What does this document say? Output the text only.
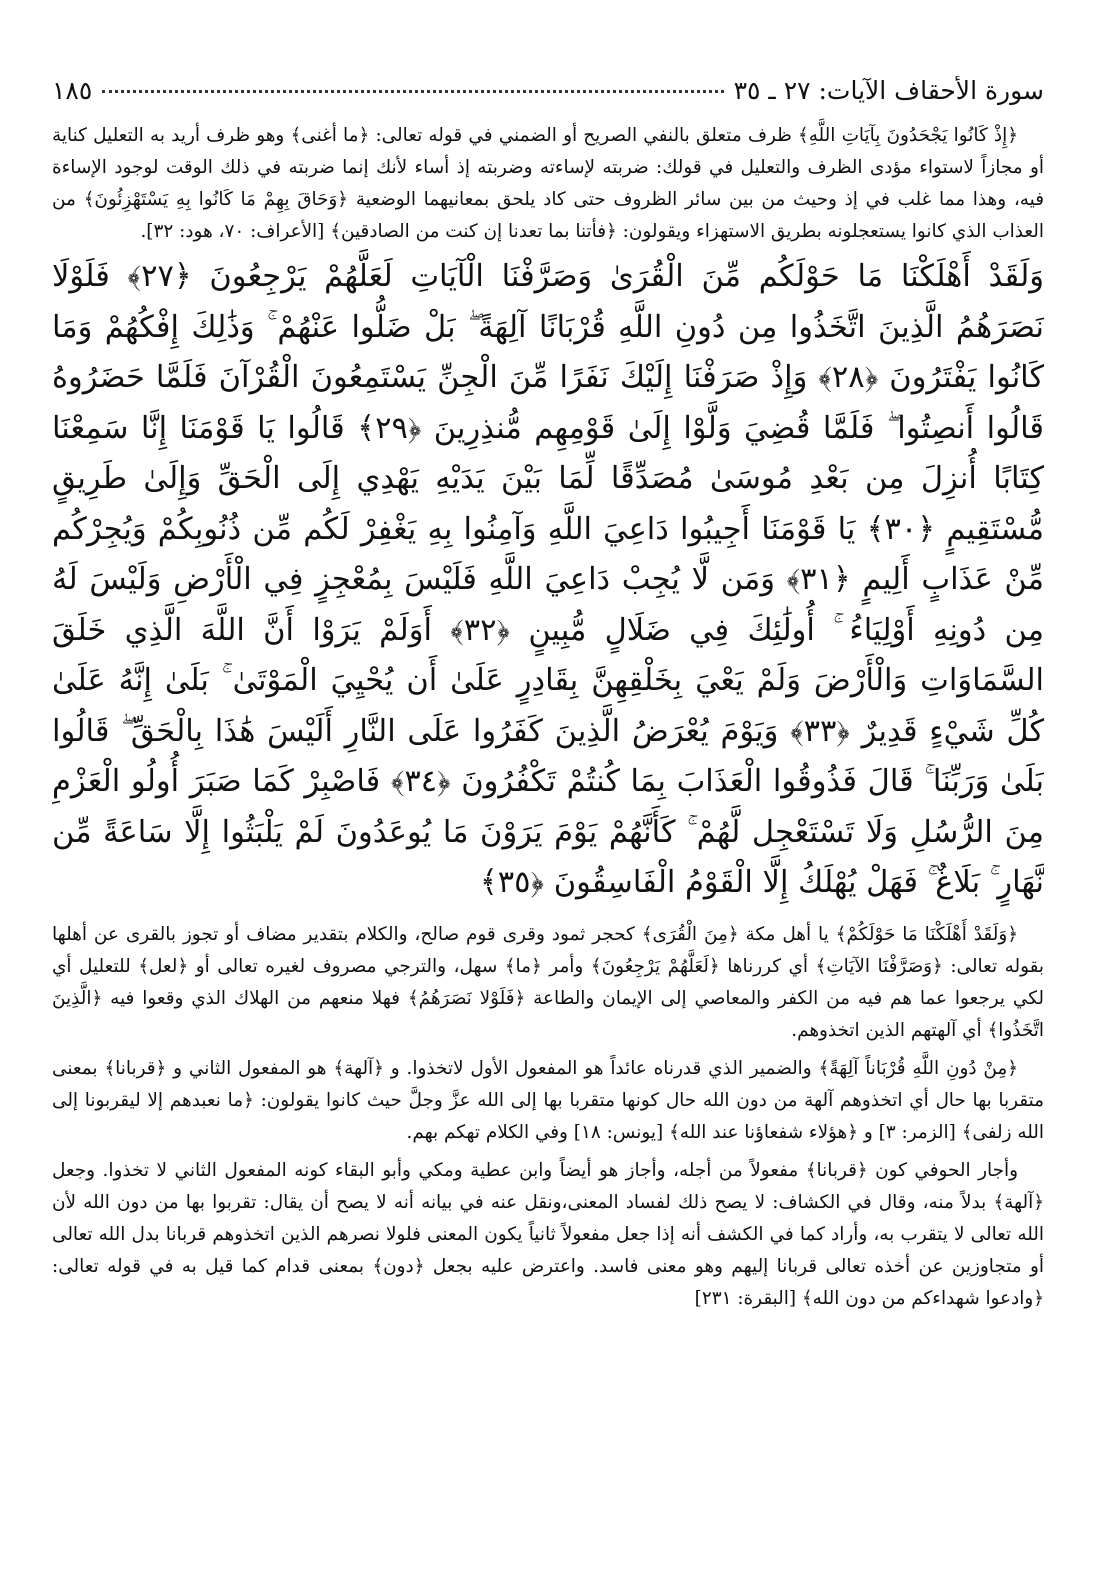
سورة الأحقاف الآيات: ٢٧ ـ ٣٥
١٨٥

﴿إِذْ كَانُوا يَجْحَدُونَ بِآيَاتِ اللَّهِ﴾ ظرف متعلق بالنفي الصريح أو الضمني في قوله تعالى: ﴿ما أغنى﴾ وهو ظرف أريد به التعليل كناية أو مجازاً لاستواء مؤدى الظرف والتعليل في قولك: ضربته لإساءته وضربته إذ أساء لأنك إنما ضربته في ذلك الوقت لوجود الإساءة فيه، وهذا مما غلب في إذ وحيث من بين سائر الظروف حتى كاد يلحق بمعانيهما الوضعية ﴿وَحَاقَ بِهِمْ مَا كَانُوا بِهِ يَسْتَهْزِئُونَ﴾ من العذاب الذي كانوا يستعجلونه بطريق الاستهزاء ويقولون: ﴿فأتنا بما تعدنا إن كنت من الصادقين﴾ [الأعراف: ٧٠، هود: ٣٢].

وَلَقَدْ أَهْلَكْنَا مَا حَوْلَكُم مِّنَ الْقُرَىٰ وَصَرَّفْنَا الْآيَاتِ لَعَلَّهُمْ يَرْجِعُونَ ﴿٢٧﴾ فَلَوْلَا نَصَرَهُمُ الَّذِينَ اتَّخَذُوا مِن دُونِ اللَّهِ قُرْبَانًا آلِهَةً ۖ بَلْ ضَلُّوا عَنْهُمْ ۚ وَذَٰلِكَ إِفْكُهُمْ وَمَا كَانُوا يَفْتَرُونَ ﴿٢٨﴾ وَإِذْ صَرَفْنَا إِلَيْكَ نَفَرًا مِّنَ الْجِنِّ يَسْتَمِعُونَ الْقُرْآنَ فَلَمَّا حَضَرُوهُ قَالُوا أَنصِتُوا ۖ فَلَمَّا قُضِيَ وَلَّوْا إِلَىٰ قَوْمِهِم مُّنذِرِينَ ﴿٢٩﴾ قَالُوا يَا قَوْمَنَا إِنَّا سَمِعْنَا كِتَابًا أُنزِلَ مِن بَعْدِ مُوسَىٰ مُصَدِّقًا لِّمَا بَيْنَ يَدَيْهِ يَهْدِي إِلَى الْحَقِّ وَإِلَىٰ طَرِيقٍ مُّسْتَقِيمٍ ﴿٣٠﴾ يَا قَوْمَنَا أَجِيبُوا دَاعِيَ اللَّهِ وَآمِنُوا بِهِ يَغْفِرْ لَكُم مِّن ذُنُوبِكُمْ وَيُجِرْكُم مِّنْ عَذَابٍ أَلِيمٍ ﴿٣١﴾ وَمَن لَّا يُجِبْ دَاعِيَ اللَّهِ فَلَيْسَ بِمُعْجِزٍ فِي الْأَرْضِ وَلَيْسَ لَهُ مِن دُونِهِ أَوْلِيَاءُ ۚ أُولَٰئِكَ فِي ضَلَالٍ مُّبِينٍ ﴿٣٢﴾ أَوَلَمْ يَرَوْا أَنَّ اللَّهَ الَّذِي خَلَقَ السَّمَاوَاتِ وَالْأَرْضَ وَلَمْ يَعْيَ بِخَلْقِهِنَّ بِقَادِرٍ عَلَىٰ أَن يُحْيِيَ الْمَوْتَىٰ ۚ بَلَىٰ إِنَّهُ عَلَىٰ كُلِّ شَيْءٍ قَدِيرٌ ﴿٣٣﴾ وَيَوْمَ يُعْرَضُ الَّذِينَ كَفَرُوا عَلَى النَّارِ أَلَيْسَ هَٰذَا بِالْحَقِّ ۖ قَالُوا بَلَىٰ وَرَبِّنَا ۚ قَالَ فَذُوقُوا الْعَذَابَ بِمَا كُنتُمْ تَكْفُرُونَ ﴿٣٤﴾ فَاصْبِرْ كَمَا صَبَرَ أُولُو الْعَزْمِ مِنَ الرُّسُلِ وَلَا تَسْتَعْجِل لَّهُمْ ۚ كَأَنَّهُمْ يَوْمَ يَرَوْنَ مَا يُوعَدُونَ لَمْ يَلْبَثُوا إِلَّا سَاعَةً مِّن نَّهَارٍ ۚ بَلَاغٌ ۚ فَهَلْ يُهْلَكُ إِلَّا الْقَوْمُ الْفَاسِقُونَ ﴿٣٥﴾

﴿وَلَقَدْ أَهْلَكْنَا مَا حَوْلَكُمْ﴾ يا أهل مكة ﴿مِنَ الْقُرَى﴾ كحجر ثمود وقرى قوم صالح، والكلام بتقدير مضاف أو تجوز بالقرى عن أهلها بقوله تعالى: ﴿وَصَرَّفْنَا الآيَاتِ﴾ أي كررناها ﴿لَعَلَّهُمْ يَرْجِعُونَ﴾ وأمر ﴿ما﴾ سهل، والترجي مصروف لغيره تعالى أو ﴿لعل﴾ للتعليل أي لكي يرجعوا عما هم فيه من الكفر والمعاصي إلى الإيمان والطاعة ﴿فَلَوْلا نَصَرَهُمُ﴾ فهلا منعهم من الهلاك الذي وقعوا فيه ﴿الَّذِينَ اتَّخَذُوا﴾ أي آلهتهم الذين اتخذوهم.

﴿مِنْ دُونِ اللَّهِ قُرْبَاناً آلِهَةً﴾ والضمير الذي قدرناه عائداً هو المفعول الأول لاتخذوا. و ﴿آلهة﴾ هو المفعول الثاني و ﴿قربانا﴾ بمعنى متقربا بها حال أي اتخذوهم آلهة من دون الله حال كونها متقربا بها إلى الله عزَّ وجلَّ حيث كانوا يقولون: ﴿ما نعبدهم إلا ليقربونا إلى الله زلفى﴾ [الزمر: ٣] و ﴿هؤلاء شفعاؤنا عند الله﴾ [يونس: ١٨] وفي الكلام تهكم بهم.

وأجار الحوفي كون ﴿قربانا﴾ مفعولاً من أجله، وأجاز هو أيضاً وابن عطية ومكي وأبو البقاء كونه المفعول الثاني لا تخذوا. وجعل ﴿آلهة﴾ بدلاً منه، وقال في الكشاف: لا يصح ذلك لفساد المعنى،ونقل عنه في بيانه أنه لا يصح أن يقال: تقربوا بها من دون الله لأن الله تعالى لا يتقرب به، وأراد كما في الكشف أنه إذا جعل مفعولاً ثانياً يكون المعنى فلولا نصرهم الذين اتخذوهم قربانا بدل الله تعالى أو متجاوزين عن أخذه تعالى قربانا إليهم وهو معنى فاسد. واعترض عليه بجعل ﴿دون﴾ بمعنى قدام كما قيل به في قوله تعالى: ﴿وادعوا شهداءكم من دون الله﴾ [البقرة: ٢٣١]
